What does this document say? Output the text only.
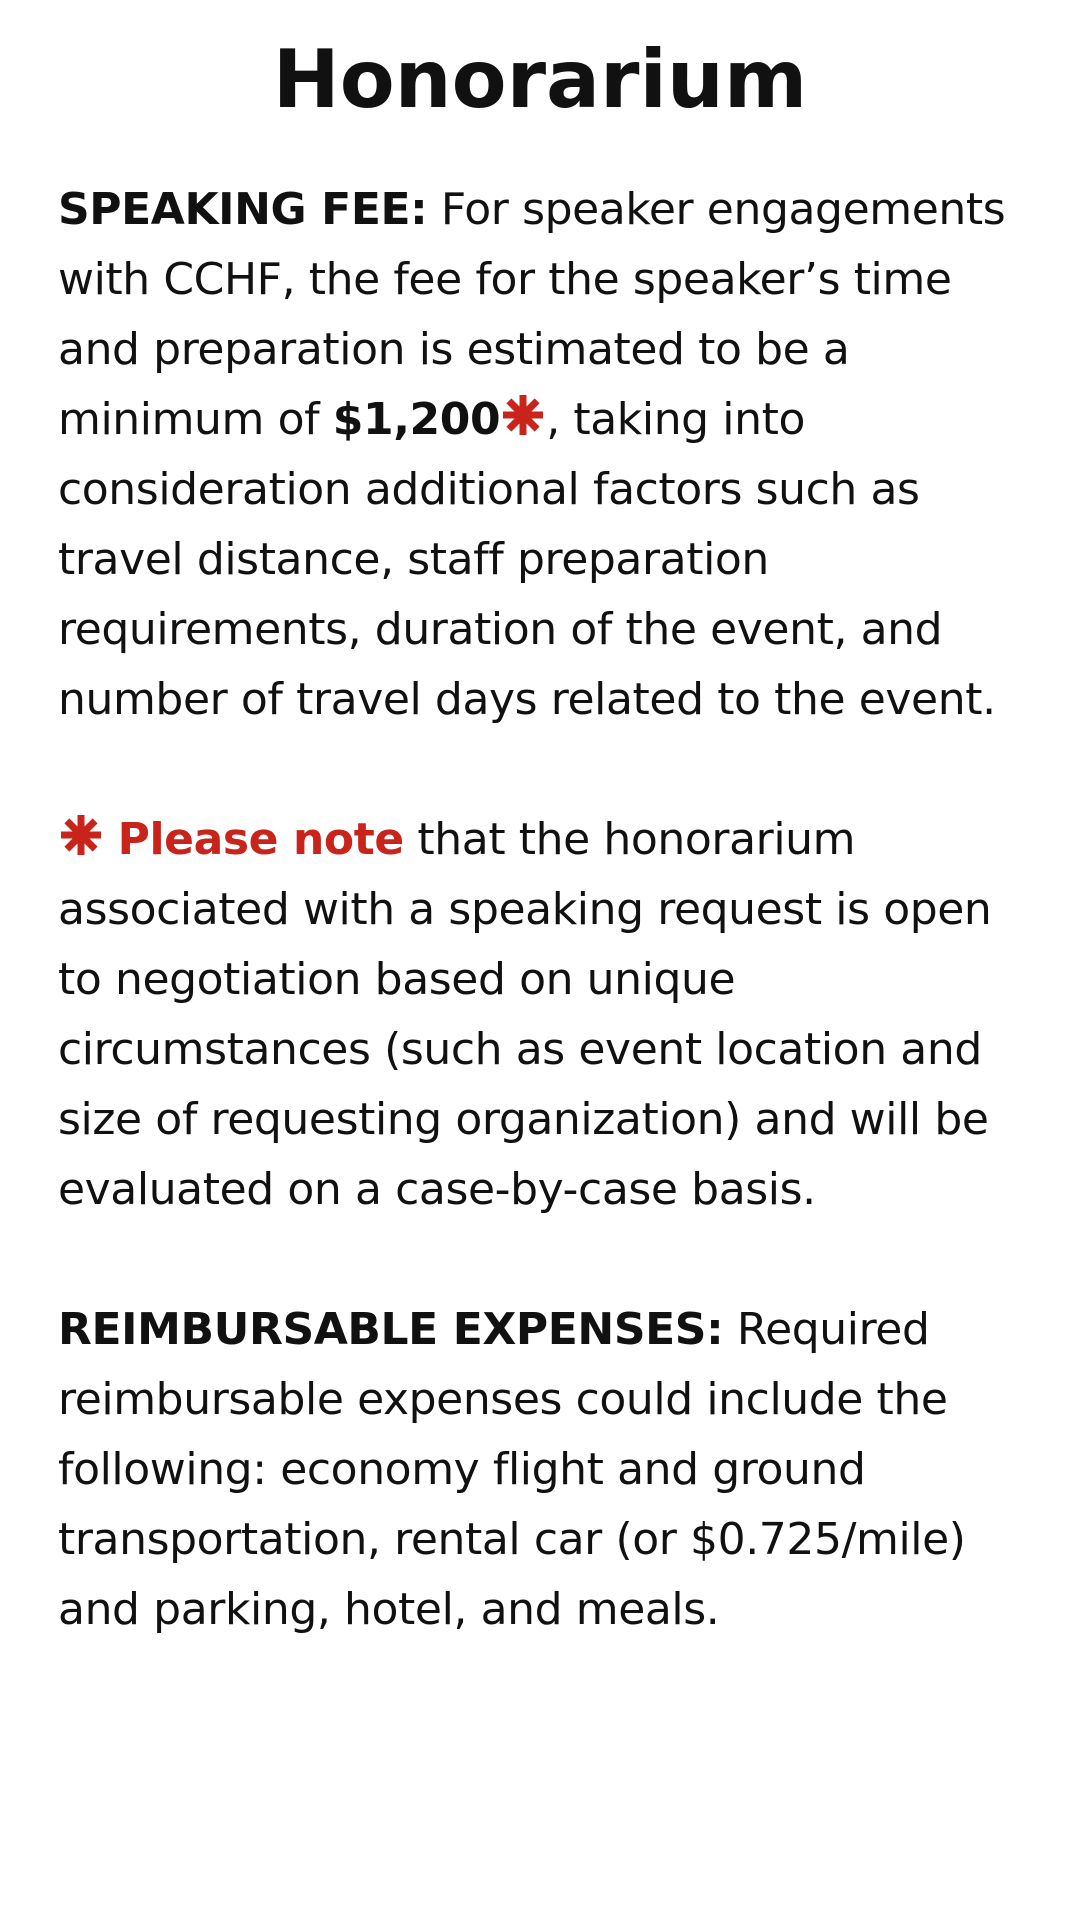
Honorarium

SPEAKING FEE: For speaker engagements with CCHF, the fee for the speaker’s time and preparation is estimated to be a minimum of $1,200 , taking into consideration additional factors such as travel distance, staff preparation requirements, duration of the event, and number of travel days related to the event.

Please note that the honorarium associated with a speaking request is open to negotiation based on unique circumstances (such as event location and size of requesting organization) and will be evaluated on a case-by-case basis.

REIMBURSABLE EXPENSES: Required reimbursable expenses could include the following: economy flight and ground transportation, rental car (or $0.725/mile) and parking, hotel, and meals.
